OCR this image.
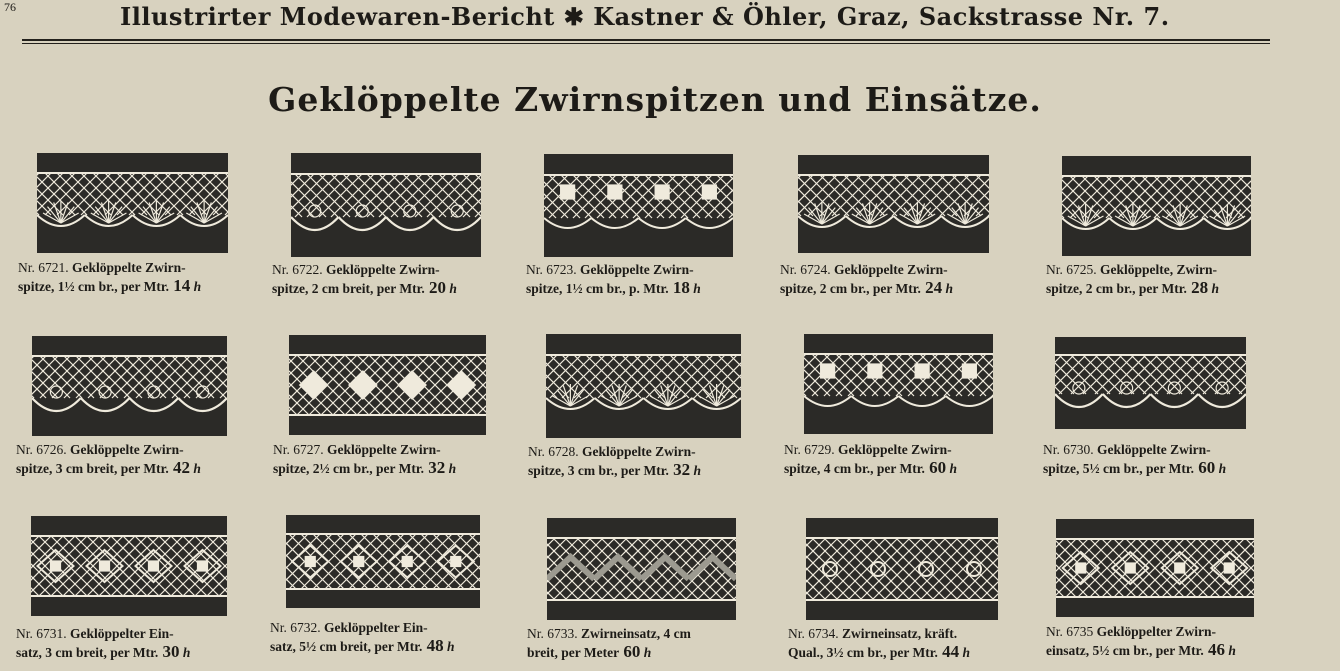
76	Illustrirter Modewaren-Bericht ✱ Kastner & Öhler, Graz, Sackstrasse Nr. 7.
Geklöppelte Zwirnspitzen und Einsätze.
Nr. 6721. Geklöppelte Zwirn-
spitze, 1½ cm br., per Mtr. 14 h
Nr. 6722. Geklöppelte Zwirn-
spitze, 2 cm breit, per Mtr. 20 h
Nr. 6723. Geklöppelte Zwirn-
spitze, 1½ cm br., p. Mtr. 18 h
Nr. 6724. Geklöppelte Zwirn-
spitze, 2 cm br., per Mtr. 24 h
Nr. 6725. Geklöppelte, Zwirn-
spitze, 2 cm br., per Mtr. 28 h
Nr. 6726. Geklöppelte Zwirn-
spitze, 3 cm breit, per Mtr. 42 h
Nr. 6727. Geklöppelte Zwirn-
spitze, 2½ cm br., per Mtr. 32 h
Nr. 6728. Geklöppelte Zwirn-
spitze, 3 cm br., per Mtr. 32 h
Nr. 6729. Geklöppelte Zwirn-
spitze, 4 cm br., per Mtr. 60 h
Nr. 6730. Geklöppelte Zwirn-
spitze, 5½ cm br., per Mtr. 60 h
Nr. 6731. Geklöppelter Ein-
satz, 3 cm breit, per Mtr. 30 h
Nr. 6732. Geklöppelter Ein-
satz, 5½ cm breit, per Mtr. 48 h
Nr. 6733. Zwirneinsatz, 4 cm
breit, per Meter 60 h
Nr. 6734. Zwirneinsatz, kräft.
Qual., 3½ cm br., per Mtr. 44 h
Nr. 6735 Geklöppelter Zwirn-
einsatz, 5½ cm br., per Mtr. 46 h
